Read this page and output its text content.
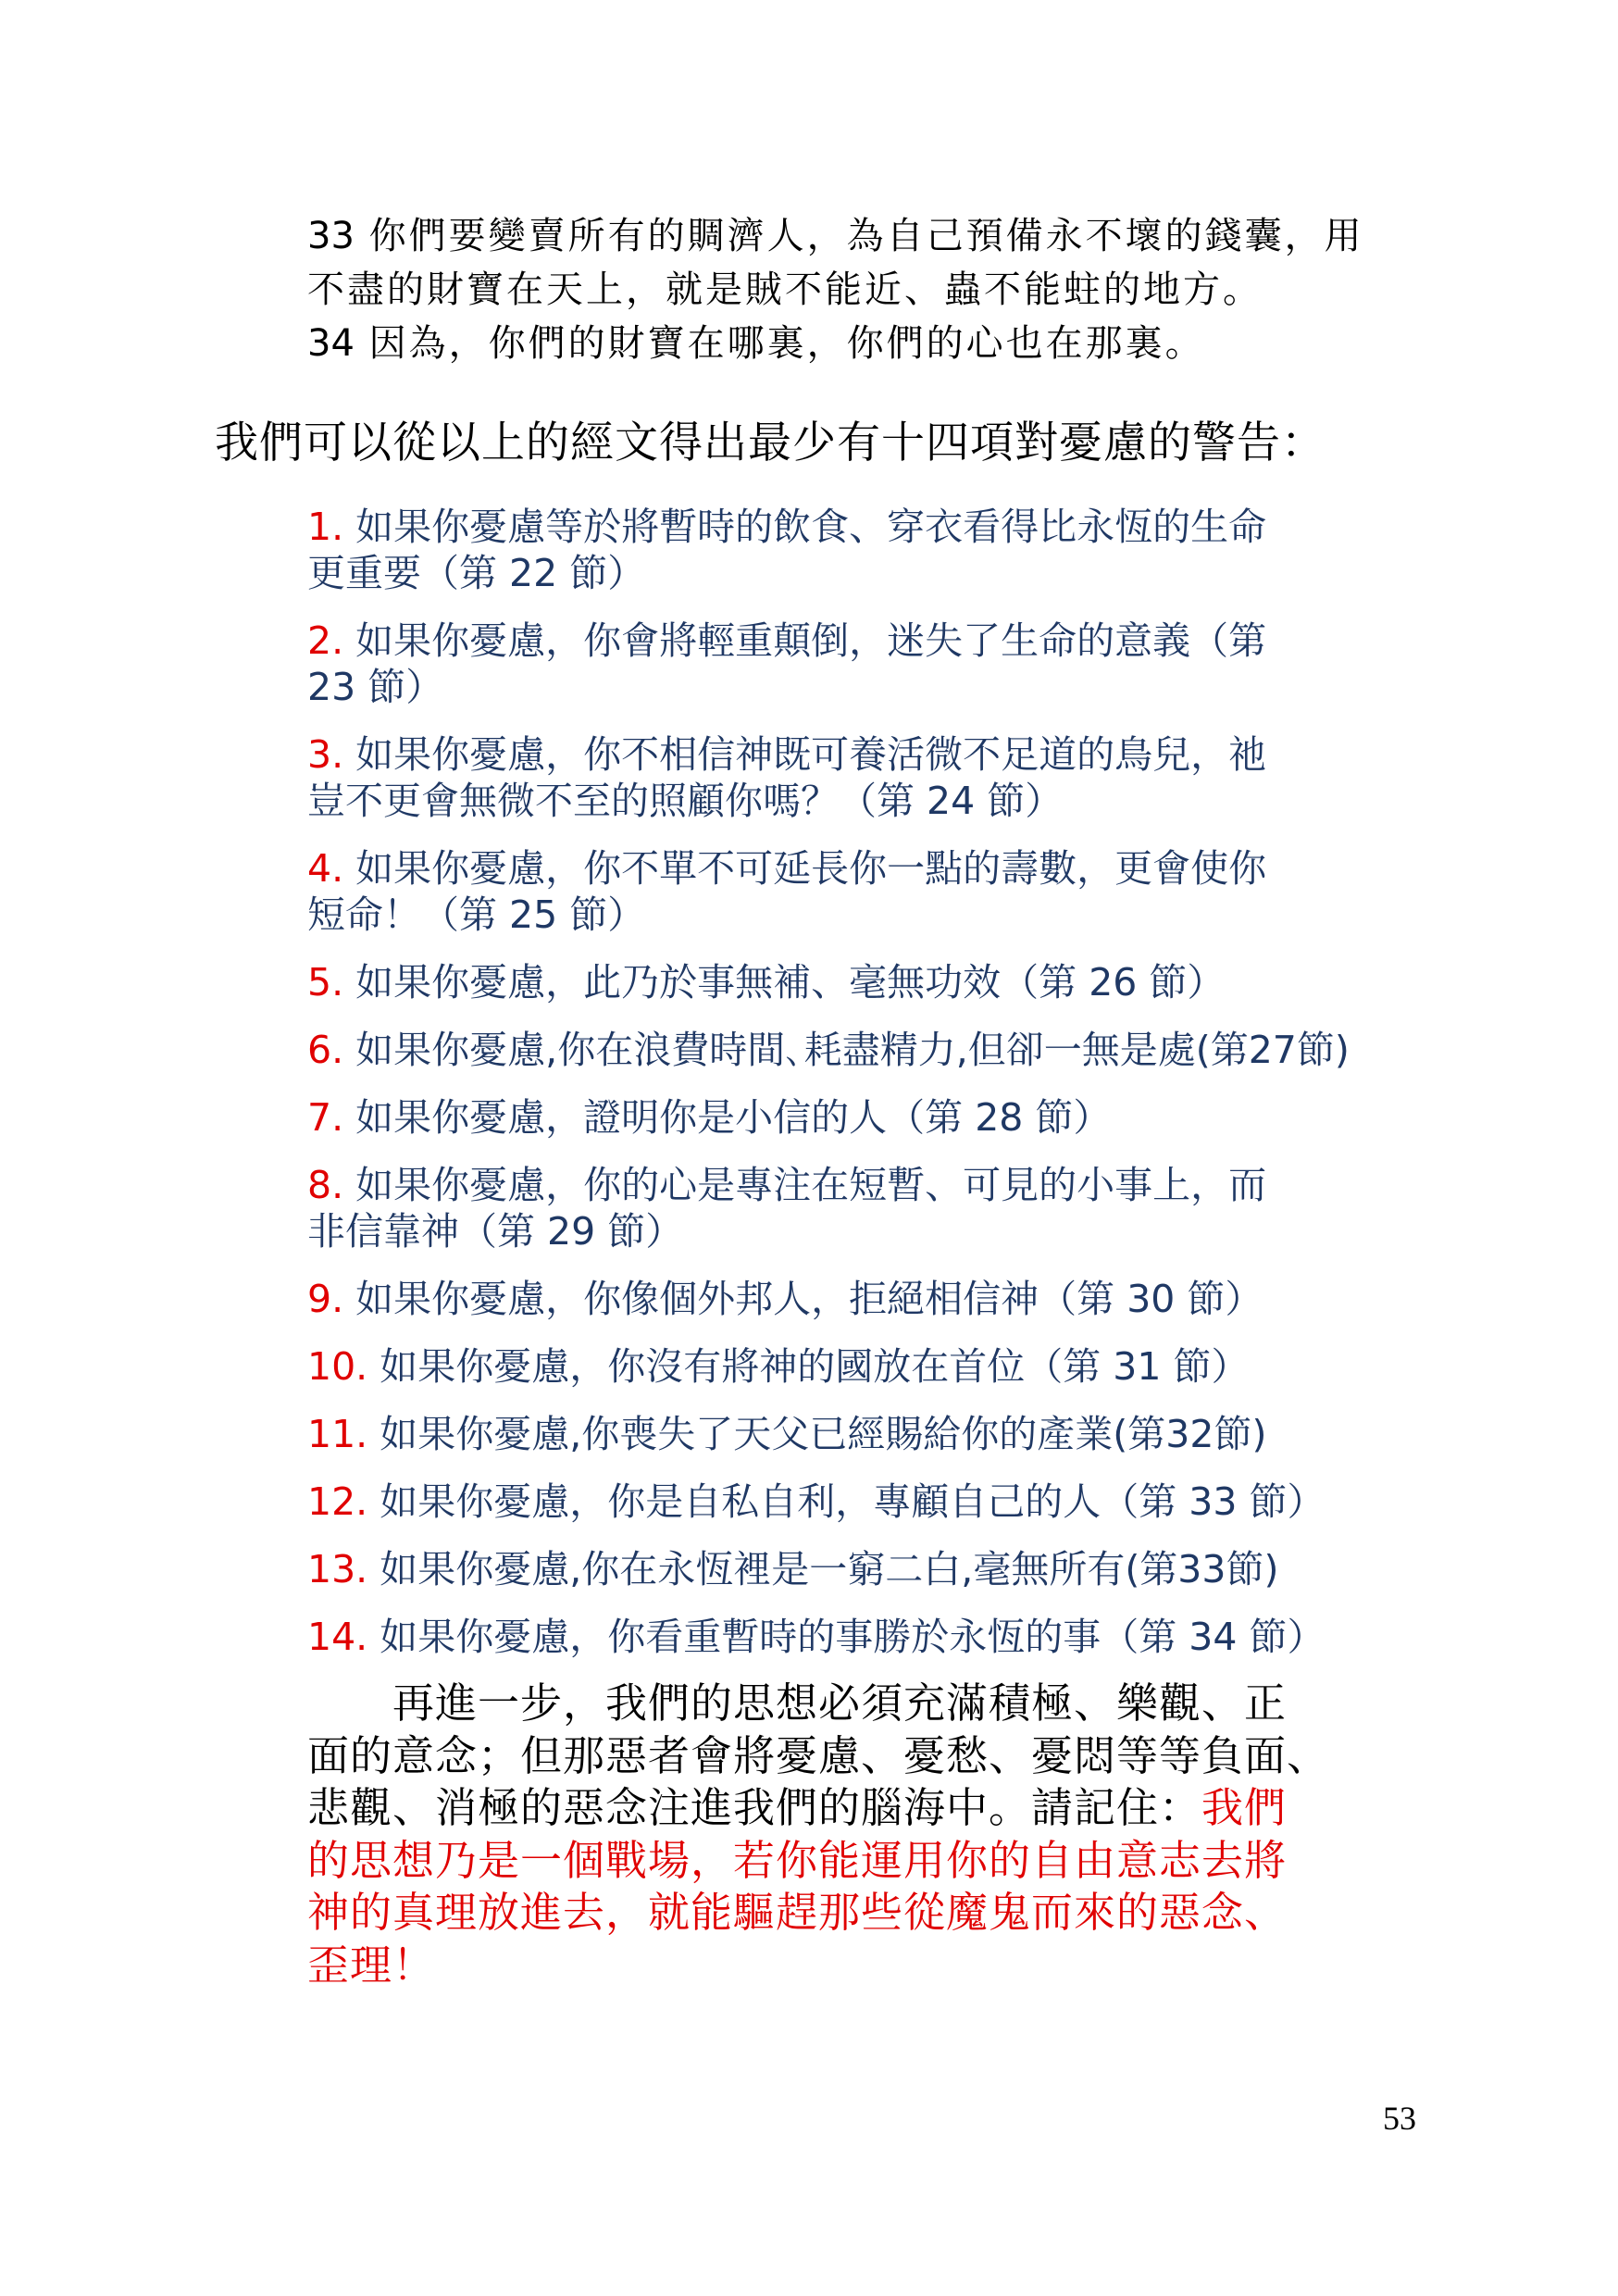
33 你們要變賣所有的賙濟人，為自己預備永不壞的錢囊，用
不盡的財寶在天上，就是賊不能近、蟲不能蛀的地方。
34 因為，你們的財寶在哪裏，你們的心也在那裏。
我們可以從以上的經文得出最少有十四項對憂慮的警告：
1. 如果你憂慮等於將暫時的飲食、穿衣看得比永恆的生命
更重要（第 22 節）
2. 如果你憂慮，你會將輕重顛倒，迷失了生命的意義（第
23 節）
3. 如果你憂慮，你不相信神既可養活微不足道的鳥兒，祂
豈不更會無微不至的照顧你嗎？（第 24 節）
4. 如果你憂慮，你不單不可延長你一點的壽數，更會使你
短命！（第 25 節）
5. 如果你憂慮，此乃於事無補、毫無功效（第 26 節）
6. 如果你憂慮,你在浪費時間､耗盡精力,但卻一無是處(第27節)
7. 如果你憂慮，證明你是小信的人（第 28 節）
8. 如果你憂慮，你的心是專注在短暫、可見的小事上，而
非信靠神（第 29 節）
9. 如果你憂慮，你像個外邦人，拒絕相信神（第 30 節）
10. 如果你憂慮，你沒有將神的國放在首位（第 31 節）
11. 如果你憂慮,你喪失了天父已經賜給你的產業(第32節)
12. 如果你憂慮，你是自私自利，專顧自己的人（第 33 節）
13. 如果你憂慮,你在永恆裡是一窮二白,毫無所有(第33節)
14. 如果你憂慮，你看重暫時的事勝於永恆的事（第 34 節）
　　再進一步，我們的思想必須充滿積極、樂觀、正
面的意念；但那惡者會將憂慮、憂愁、憂悶等等負面、
悲觀、消極的惡念注進我們的腦海中。請記住：我們
的思想乃是一個戰場，若你能運用你的自由意志去將
神的真理放進去，就能驅趕那些從魔鬼而來的惡念、
歪理！
53
